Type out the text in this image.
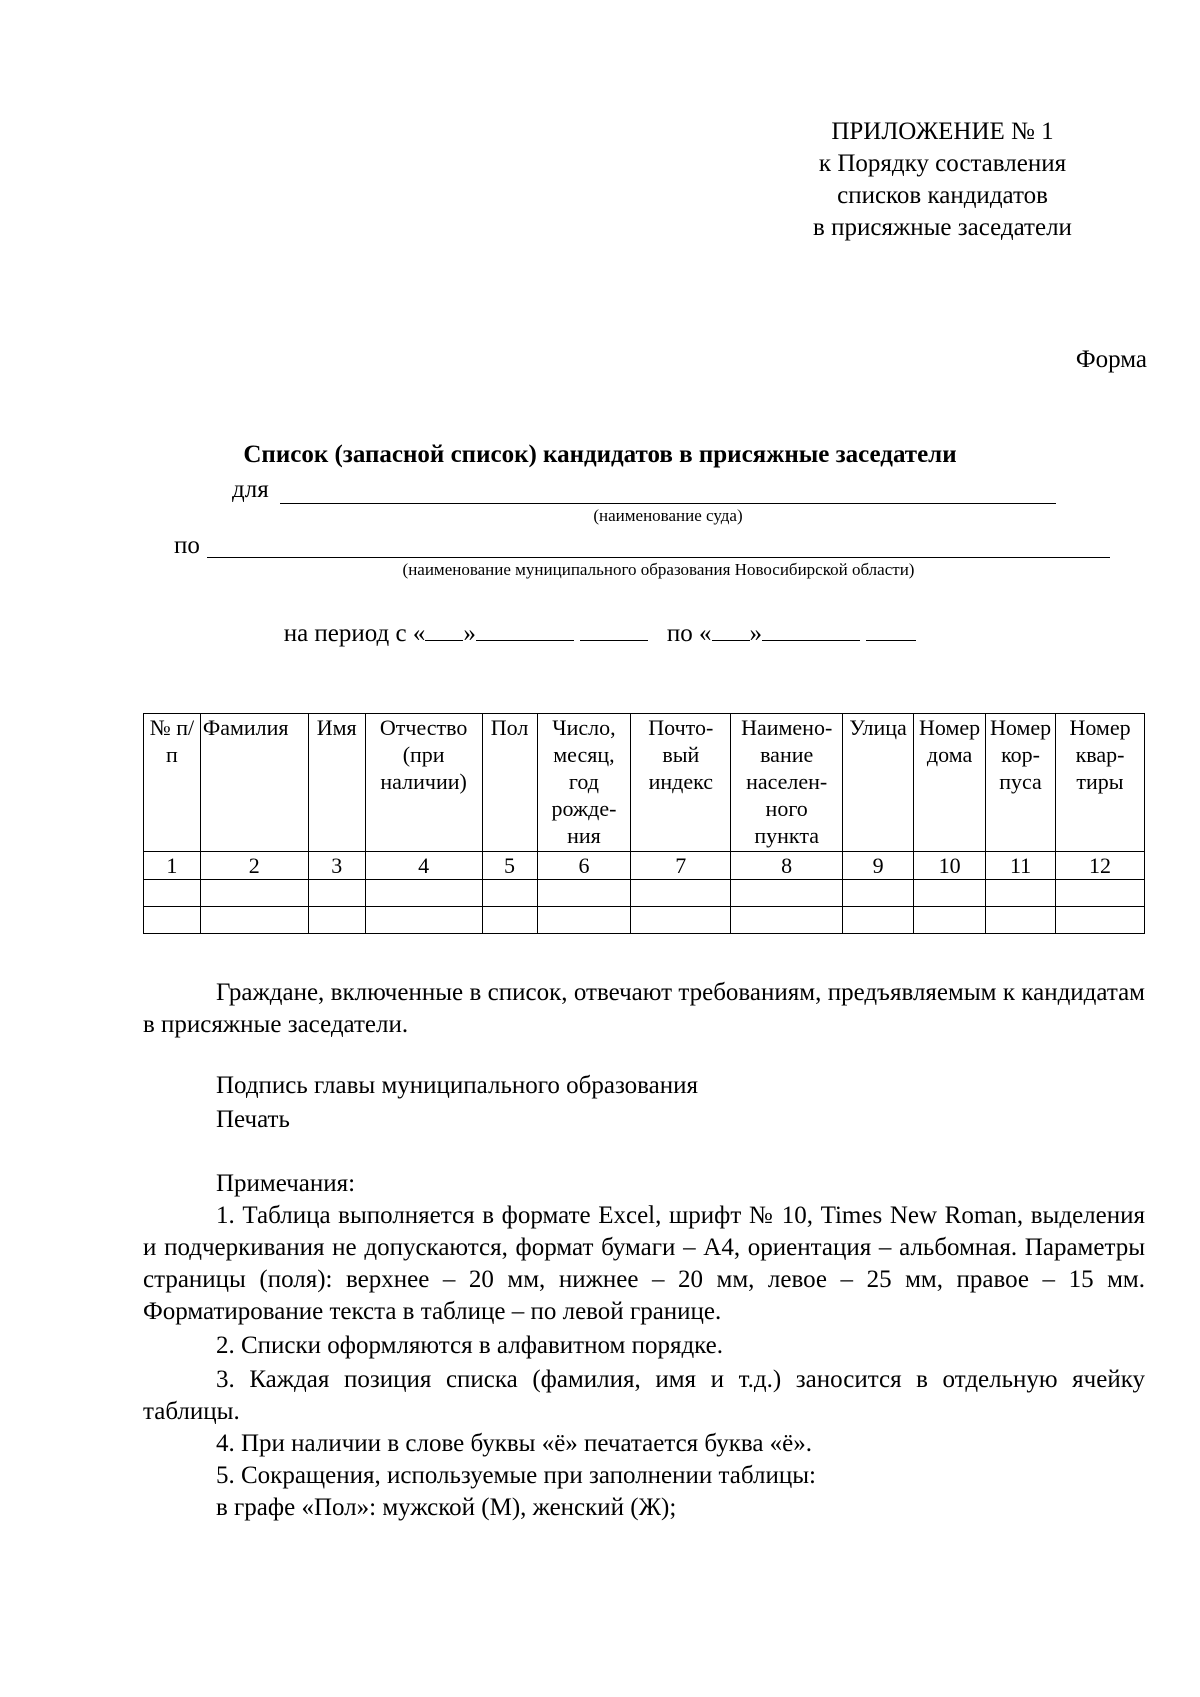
ПРИЛОЖЕНИЕ № 1
к Порядку составления
списков кандидатов
в присяжные заседатели
Форма
Список (запасной список) кандидатов в присяжные заседатели
для
(наименование суда)
по
(наименование муниципального образования Новосибирской области)
на период с « »	по « »
№ п/п	Фамилия	Имя	Отчество (при наличии)	Пол	Число, месяц, год рожде-ния	Почто-вый индекс	Наимено-вание населен-ного пункта	Улица	Номер дома	Номер кор-пуса	Номер квар-тиры
1	2	3	4	5	6	7	8	9	10	11	12

Граждане, включенные в список, отвечают требованиям, предъявляемым к кандидатам в присяжные заседатели.
Подпись главы муниципального образования
Печать
Примечания:
1. Таблица выполняется в формате Excel, шрифт № 10, Times New Roman, выделения и подчеркивания не допускаются, формат бумаги – А4, ориентация – альбомная. Параметры страницы (поля): верхнее – 20 мм, нижнее – 20 мм, левое – 25 мм, правое – 15 мм. Форматирование текста в таблице – по левой границе.
2. Списки оформляются в алфавитном порядке.
3. Каждая позиция списка (фамилия, имя и т.д.) заносится в отдельную ячейку таблицы.
4. При наличии в слове буквы «ё» печатается буква «ё».
5. Сокращения, используемые при заполнении таблицы:
в графе «Пол»: мужской (М), женский (Ж);
